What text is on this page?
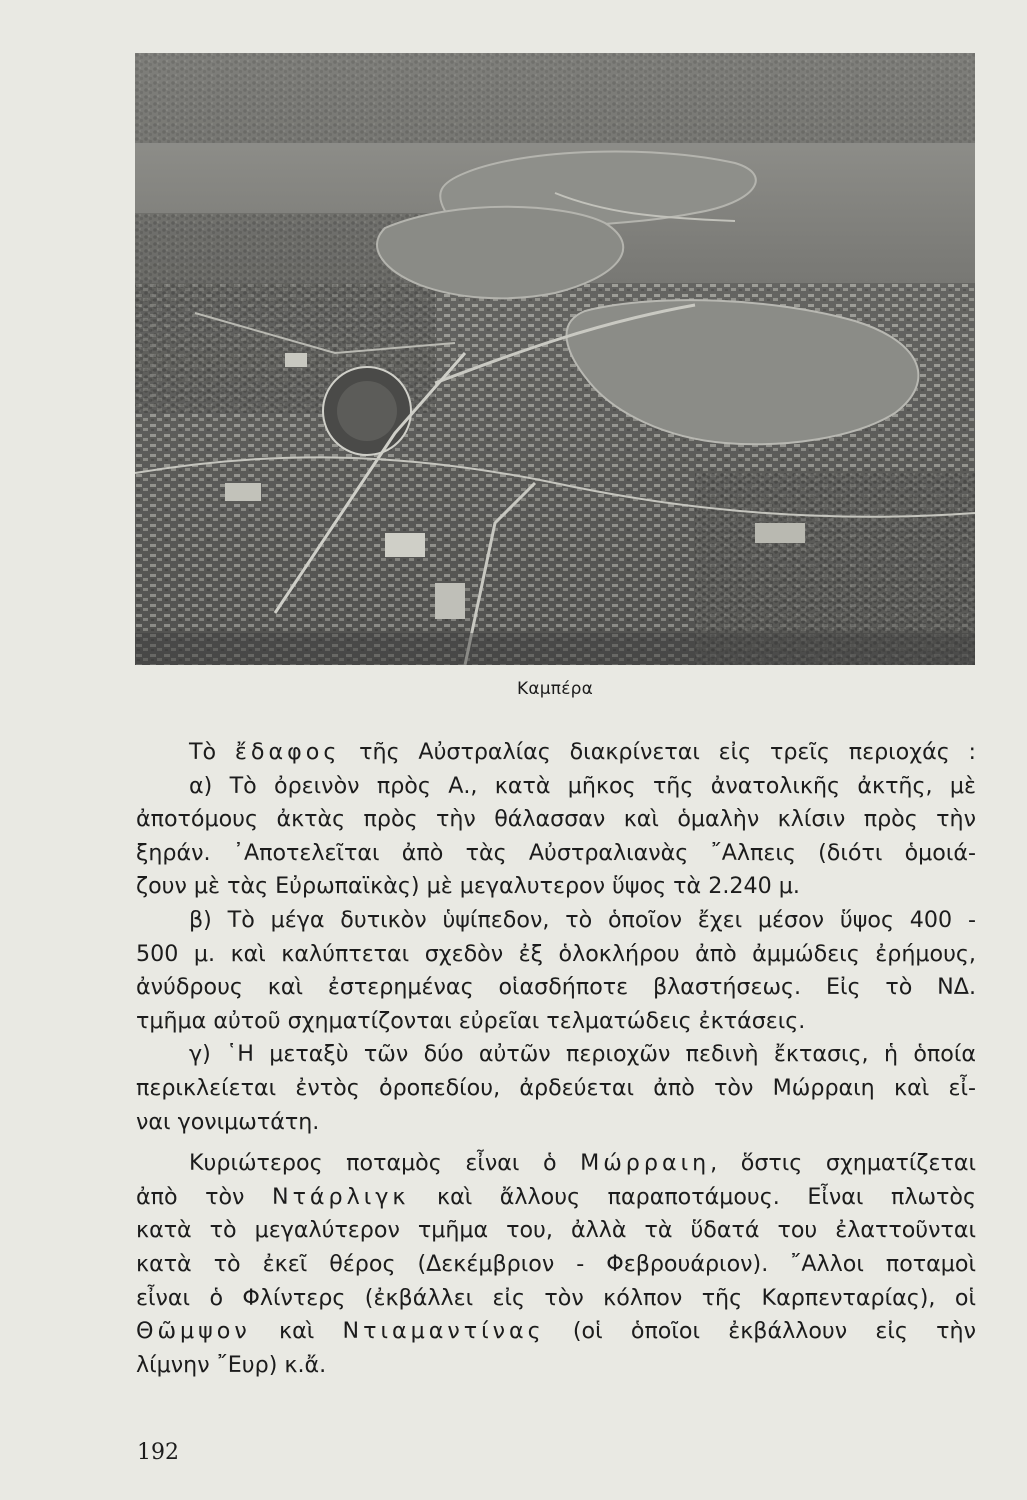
Καμπέρα
Τὸ ἔδαφος τῆς Αὐστραλίας διακρίνεται εἰς τρεῖς περιοχάς :
α) Τὸ ὀρεινὸν πρὸς Α., κατὰ μῆκος τῆς ἀνατολικῆς ἀκτῆς, μὲ
ἀποτόμους ἀκτὰς πρὸς τὴν θάλασσαν καὶ ὁμαλὴν κλίσιν πρὸς τὴν
ξηράν. ᾿Αποτελεῖται ἀπὸ τὰς Αὐστραλιανὰς ῎Αλπεις (διότι ὁμοιά-
ζουν μὲ τὰς Εὐρωπαϊκὰς) μὲ μεγαλυτερον ὕψος τὰ 2.240 μ.
β) Τὸ μέγα δυτικὸν ὑψίπεδον, τὸ ὁποῖον ἔχει μέσον ὕψος 400 -
500 μ. καὶ καλύπτεται σχεδὸν ἐξ ὁλοκλήρου ἀπὸ ἀμμώδεις ἐρήμους,
ἀνύδρους καὶ ἐστερημένας οἱασδήποτε βλαστήσεως. Εἰς τὸ ΝΔ.
τμῆμα αὐτοῦ σχηματίζονται εὐρεῖαι τελματώδεις ἐκτάσεις.
γ) ῾Η μεταξὺ τῶν δύο αὐτῶν περιοχῶν πεδινὴ ἔκτασις, ἡ ὁποία
περικλείεται ἐντὸς ὀροπεδίου, ἀρδεύεται ἀπὸ τὸν Μώρραιη καὶ εἶ-
ναι γονιμωτάτη.
Κυριώτερος ποταμὸς εἶναι ὁ Μώρραιη, ὅστις σχηματίζεται
ἀπὸ τὸν Ντάρλιγκ καὶ ἄλλους παραποτάμους. Εἶναι πλωτὸς
κατὰ τὸ μεγαλύτερον τμῆμα του, ἀλλὰ τὰ ὕδατά του ἐλαττοῦνται
κατὰ τὸ ἐκεῖ θέρος (Δεκέμβριον - Φεβρουάριον). ῎Αλλοι ποταμοὶ
εἶναι ὁ Φλίντερς (ἐκβάλλει εἰς τὸν κόλπον τῆς Καρπενταρίας), οἱ
Θῶμψον καὶ Ντιαμαντίνας (οἱ ὁποῖοι ἐκβάλλουν εἰς τὴν
λίμνην ῎Ευρ) κ.ἄ.
192
